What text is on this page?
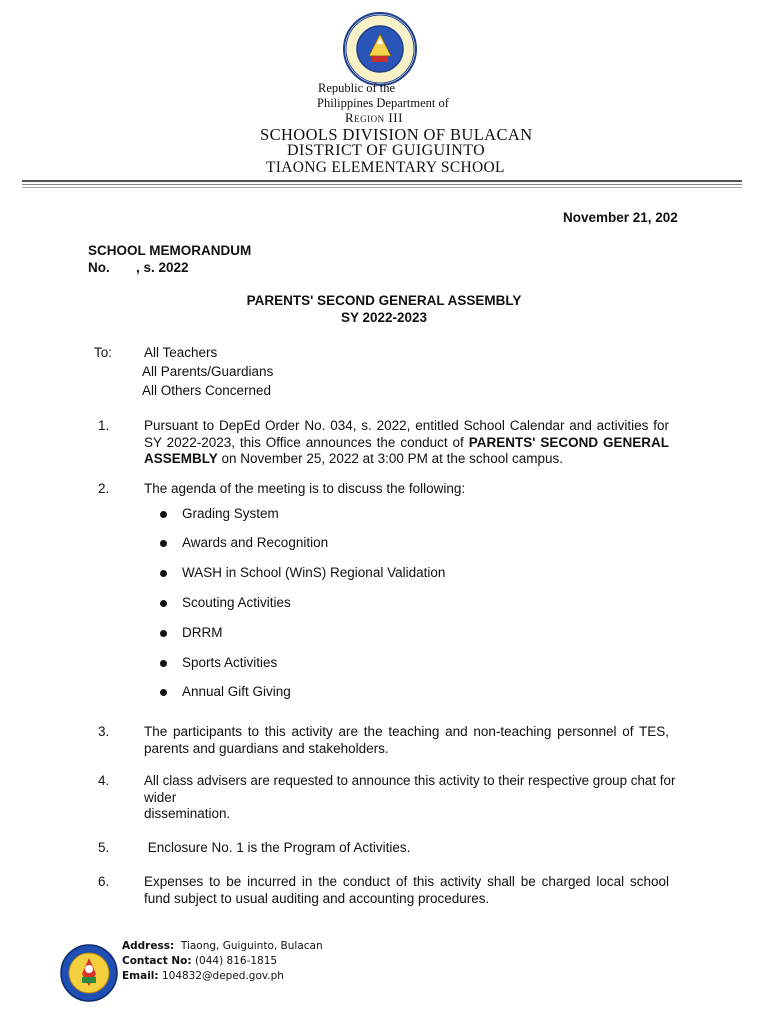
Republic of the
Philippines Department of
Region III
SCHOOLS DIVISION OF BULACAN
DISTRICT OF GUIGUINTO
TIAONG ELEMENTARY SCHOOL
November 21, 202
SCHOOL MEMORANDUM
No.       , s. 2022
PARENTS' SECOND GENERAL ASSEMBLY
SY 2022-2023
To: All Teachers
All Parents/Guardians
All Others Concerned
1.	Pursuant to DepEd Order No. 034, s. 2022, entitled School Calendar and activities for SY 2022-2023, this Office announces the conduct of PARENTS' SECOND GENERAL ASSEMBLY on November 25, 2022 at 3:00 PM at the school campus.
2.	The agenda of the meeting is to discuss the following:
Grading System
Awards and Recognition
WASH in School (WinS) Regional Validation
Scouting Activities
DRRM
Sports Activities
Annual Gift Giving
3.	The participants to this activity are the teaching and non-teaching personnel of TES, parents and guardians and stakeholders.
4.	All class advisers are requested to announce this activity to their respective group chat for
wider
dissemination.
5.	Enclosure No. 1 is the Program of Activities.
6.	Expenses to be incurred in the conduct of this activity shall be charged local school fund subject to usual auditing and accounting procedures.
Address: Tiaong, Guiguinto, Bulacan
Contact No: (044) 816-1815
Email: 104832@deped.gov.ph
